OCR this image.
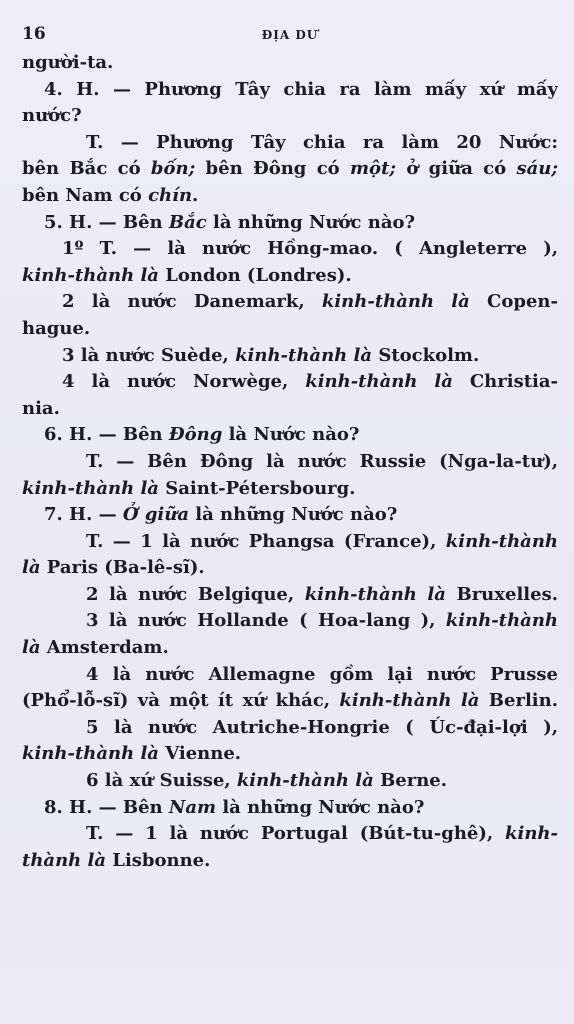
16	ĐỊA DƯ
người-ta.
4. H. — Phương Tây chia ra làm mấy xứ mấy
nước?
T. — Phương Tây chia ra làm 20 Nước:
bên Bắc có bốn; bên Đông có một; ở giữa có sáu;
bên Nam có chín.
5. H. — Bên Bắc là những Nước nào?
1º T. — là nước Hồng-mao. ( Angleterre ),
kinh-thành là London (Londres).
2 là nước Danemark, kinh-thành là Copen-
hague.
3 là nước Suède, kinh-thành là Stockolm.
4 là nước Norwège, kinh-thành là Christia-
nia.
6. H. — Bên Đông là Nước nào?
T. — Bên Đông là nước Russie (Nga-la-tư),
kinh-thành là Saint-Pétersbourg.
7. H. — Ở giữa là những Nước nào?
T. — 1 là nước Phangsa (France), kinh-thành
là Paris (Ba-lê-sĩ).
2 là nước Belgique, kinh-thành là Bruxelles.
3 là nước Hollande ( Hoa-lang ), kinh-thành
là Amsterdam.
4 là nước Allemagne gồm lại nước Prusse
(Phổ-lỗ-sĩ) và một ít xứ khác, kinh-thành là Berlin.
5 là nước Autriche-Hongrie ( Úc-đại-lợi ),
kinh-thành là Vienne.
6 là xứ Suisse, kinh-thành là Berne.
8. H. — Bên Nam là những Nước nào?
T. — 1 là nước Portugal (Bút-tu-ghê), kinh-
thành là Lisbonne.
